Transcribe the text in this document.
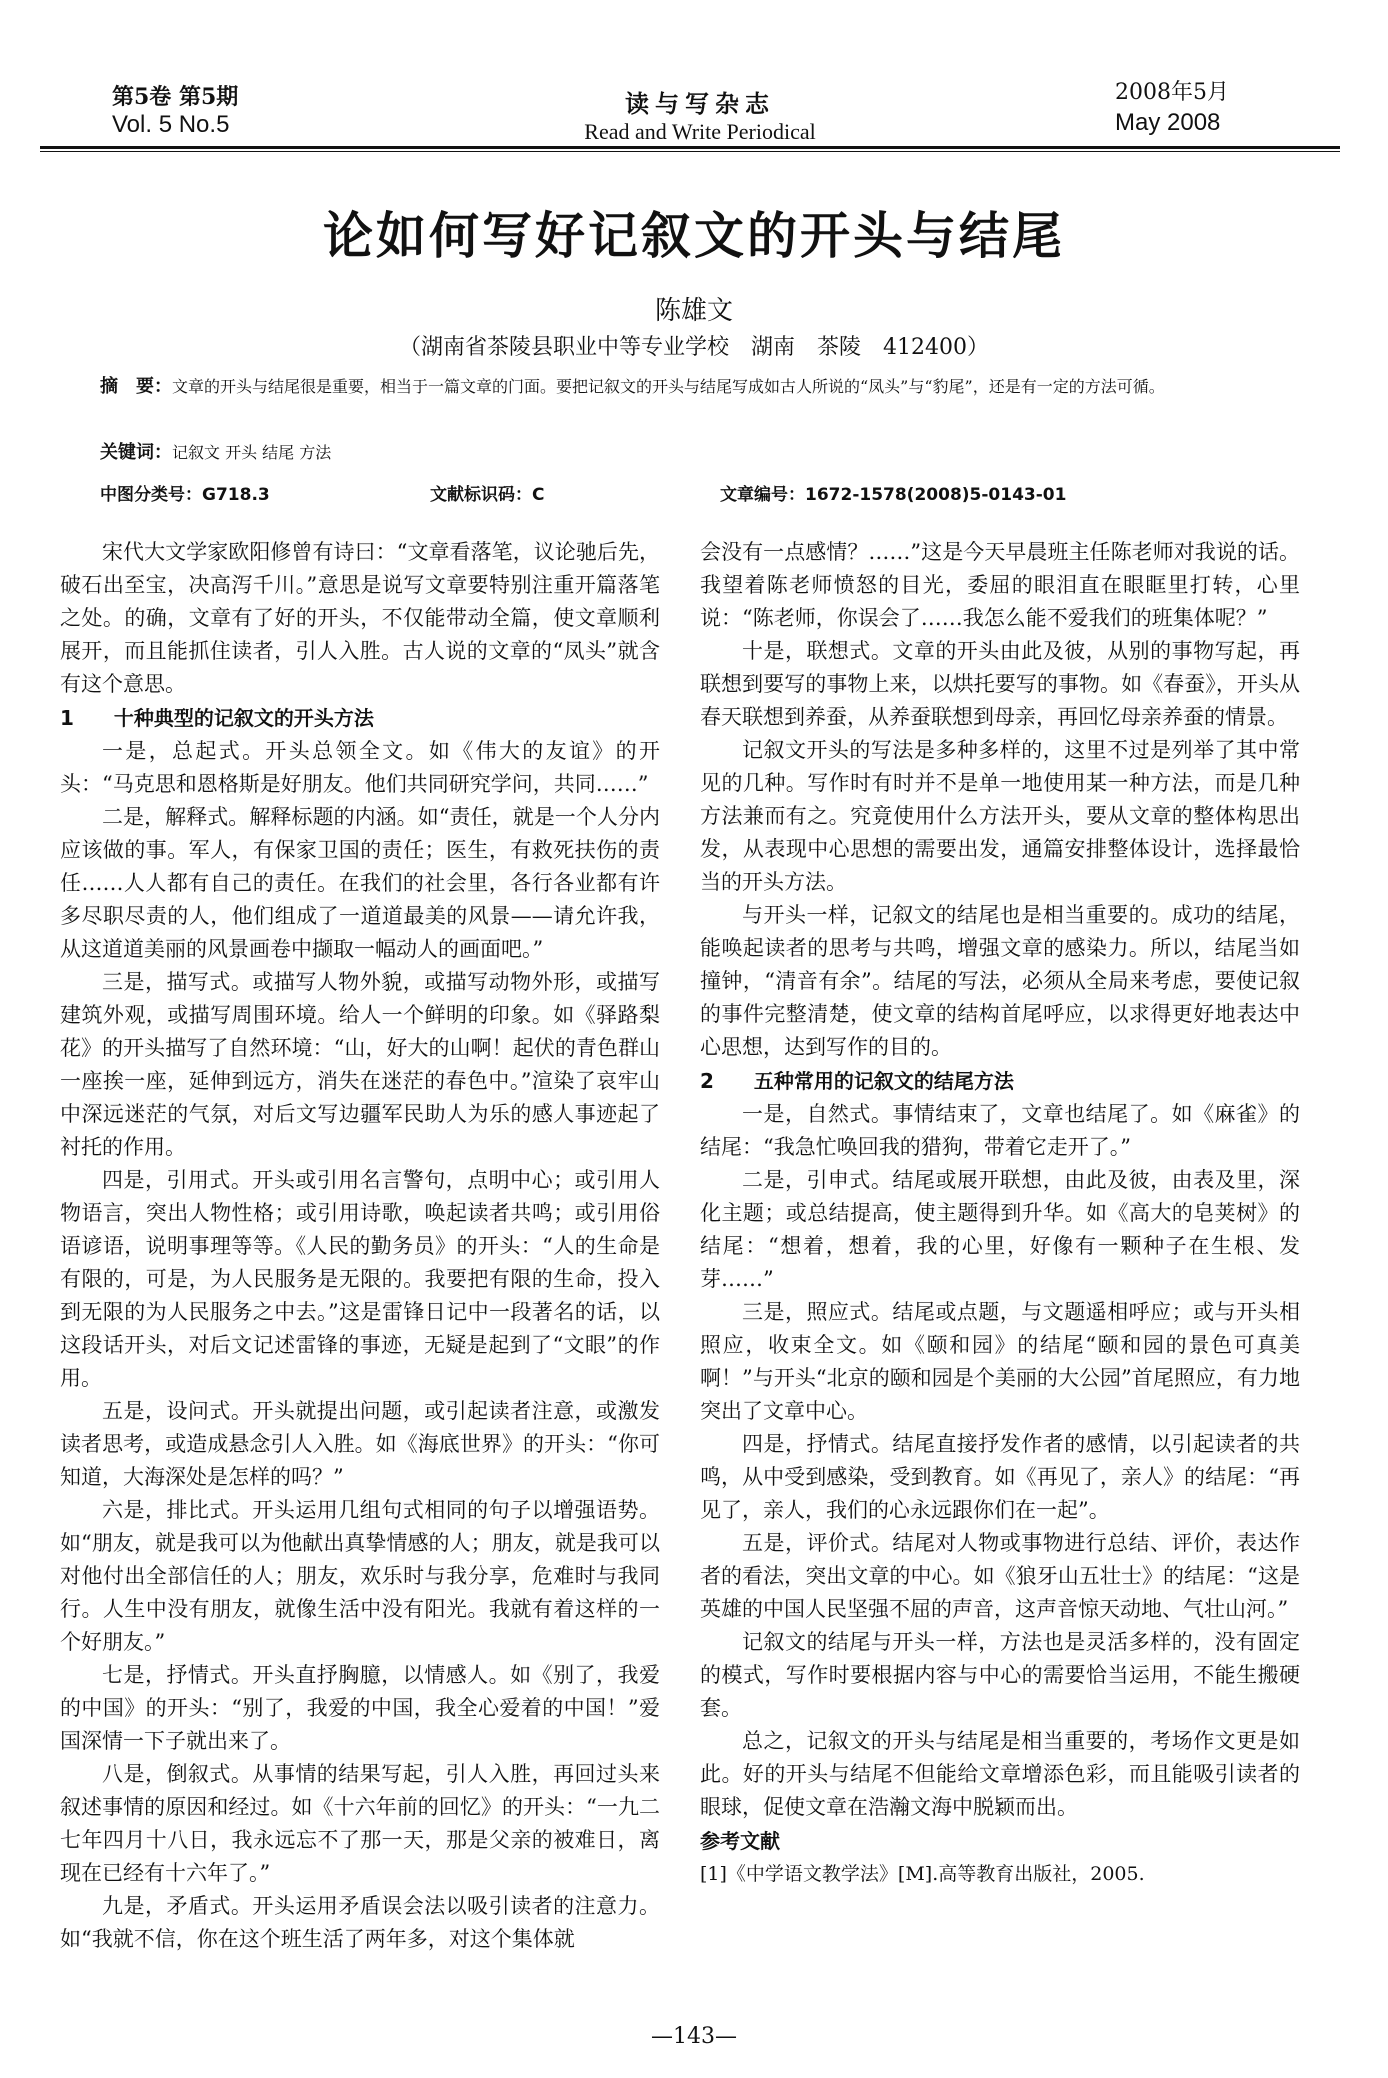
第5卷 第5期
Vol. 5 No.5
读与写杂志
Read and Write Periodical
2008年5月
May 2008
论如何写好记叙文的开头与结尾
陈雄文
（湖南省茶陵县职业中等专业学校　湖南　茶陵　412400）
摘　要：文章的开头与结尾很是重要，相当于一篇文章的门面。要把记叙文的开头与结尾写成如古人所说的“凤头”与“豹尾”，还是有一定的方法可循。
关键词：记叙文 开头 结尾 方法
中图分类号：G718.3	文献标识码：C	文章编号：1672-1578(2008)5-0143-01

宋代大文学家欧阳修曾有诗曰：“文章看落笔，议论驰后先，破石出至宝，决高泻千川。”意思是说写文章要特别注重开篇落笔之处。的确，文章有了好的开头，不仅能带动全篇，使文章顺利展开，而且能抓住读者，引人入胜。古人说的文章的“凤头”就含有这个意思。

1　　十种典型的记叙文的开头方法

一是，总起式。开头总领全文。如《伟大的友谊》的开头：“马克思和恩格斯是好朋友。他们共同研究学问，共同……”

二是，解释式。解释标题的内涵。如“责任，就是一个人分内应该做的事。军人，有保家卫国的责任；医生，有救死扶伤的责任……人人都有自己的责任。在我们的社会里，各行各业都有许多尽职尽责的人，他们组成了一道道最美的风景——请允许我，从这道道美丽的风景画卷中撷取一幅动人的画面吧。”

三是，描写式。或描写人物外貌，或描写动物外形，或描写建筑外观，或描写周围环境。给人一个鲜明的印象。如《驿路梨花》的开头描写了自然环境：“山，好大的山啊！起伏的青色群山一座挨一座，延伸到远方，消失在迷茫的春色中。”渲染了哀牢山中深远迷茫的气氛，对后文写边疆军民助人为乐的感人事迹起了衬托的作用。

四是，引用式。开头或引用名言警句，点明中心；或引用人物语言，突出人物性格；或引用诗歌，唤起读者共鸣；或引用俗语谚语，说明事理等等。《人民的勤务员》的开头：“人的生命是有限的，可是，为人民服务是无限的。我要把有限的生命，投入到无限的为人民服务之中去。”这是雷锋日记中一段著名的话，以这段话开头，对后文记述雷锋的事迹，无疑是起到了“文眼”的作用。

五是，设问式。开头就提出问题，或引起读者注意，或激发读者思考，或造成悬念引人入胜。如《海底世界》的开头：“你可知道，大海深处是怎样的吗？”

六是，排比式。开头运用几组句式相同的句子以增强语势。如“朋友，就是我可以为他献出真挚情感的人；朋友，就是我可以对他付出全部信任的人；朋友，欢乐时与我分享，危难时与我同行。人生中没有朋友，就像生活中没有阳光。我就有着这样的一个好朋友。”

七是，抒情式。开头直抒胸臆，以情感人。如《别了，我爱的中国》的开头：“别了，我爱的中国，我全心爱着的中国！”爱国深情一下子就出来了。

八是，倒叙式。从事情的结果写起，引人入胜，再回过头来叙述事情的原因和经过。如《十六年前的回忆》的开头：“一九二七年四月十八日，我永远忘不了那一天，那是父亲的被难日，离现在已经有十六年了。”

九是，矛盾式。开头运用矛盾误会法以吸引读者的注意力。如“我就不信，你在这个班生活了两年多，对这个集体就

会没有一点感情？……”这是今天早晨班主任陈老师对我说的话。我望着陈老师愤怒的目光，委屈的眼泪直在眼眶里打转，心里说：“陈老师，你误会了……我怎么能不爱我们的班集体呢？”

十是，联想式。文章的开头由此及彼，从别的事物写起，再联想到要写的事物上来，以烘托要写的事物。如《春蚕》，开头从春天联想到养蚕，从养蚕联想到母亲，再回忆母亲养蚕的情景。

记叙文开头的写法是多种多样的，这里不过是列举了其中常见的几种。写作时有时并不是单一地使用某一种方法，而是几种方法兼而有之。究竟使用什么方法开头，要从文章的整体构思出发，从表现中心思想的需要出发，通篇安排整体设计，选择最恰当的开头方法。

与开头一样，记叙文的结尾也是相当重要的。成功的结尾，能唤起读者的思考与共鸣，增强文章的感染力。所以，结尾当如撞钟，“清音有余”。结尾的写法，必须从全局来考虑，要使记叙的事件完整清楚，使文章的结构首尾呼应，以求得更好地表达中心思想，达到写作的目的。

2　　五种常用的记叙文的结尾方法

一是，自然式。事情结束了，文章也结尾了。如《麻雀》的结尾：“我急忙唤回我的猎狗，带着它走开了。”

二是，引申式。结尾或展开联想，由此及彼，由表及里，深化主题；或总结提高，使主题得到升华。如《高大的皂荚树》的结尾：“想着，想着，我的心里，好像有一颗种子在生根、发芽……”

三是，照应式。结尾或点题，与文题遥相呼应；或与开头相照应，收束全文。如《颐和园》的结尾“颐和园的景色可真美啊！”与开头“北京的颐和园是个美丽的大公园”首尾照应，有力地突出了文章中心。

四是，抒情式。结尾直接抒发作者的感情，以引起读者的共鸣，从中受到感染，受到教育。如《再见了，亲人》的结尾：“再见了，亲人，我们的心永远跟你们在一起”。

五是，评价式。结尾对人物或事物进行总结、评价，表达作者的看法，突出文章的中心。如《狼牙山五壮士》的结尾：“这是英雄的中国人民坚强不屈的声音，这声音惊天动地、气壮山河。”

记叙文的结尾与开头一样，方法也是灵活多样的，没有固定的模式，写作时要根据内容与中心的需要恰当运用，不能生搬硬套。

总之，记叙文的开头与结尾是相当重要的，考场作文更是如此。好的开头与结尾不但能给文章增添色彩，而且能吸引读者的眼球，促使文章在浩瀚文海中脱颖而出。

参考文献

[1]《中学语文教学法》[M].高等教育出版社，2005.

—143—
